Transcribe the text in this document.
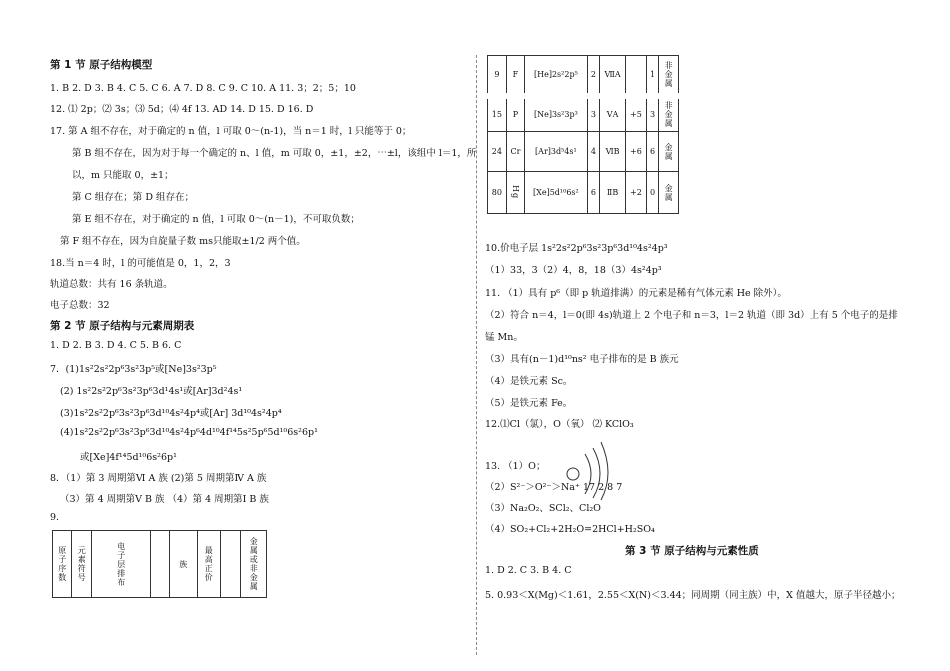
第 1 节 原子结构模型
1. B 2. D 3. B 4. C 5. C 6. A 7. D 8. C 9. C 10. A 11. 3；2；5；10
12. ⑴ 2p；⑵ 3s；⑶ 5d；⑷ 4f 13. AD 14. D 15. D 16. D
17. 第 A 组不存在，对于确定的 n 值，l 可取 0～(n-1)，当 n＝1 时，l 只能等于 0；
第 B 组不存在，因为对于每一个确定的 n、l 值，m 可取 0，±1，±2，⋯±l，该组中 l＝1，所
以，m 只能取 0，±1；
第 C 组存在；第 D 组存在；
第 E 组不存在，对于确定的 n 值，l 可取 0～(n－1)，不可取负数；
第 F 组不存在，因为自旋量子数 ms只能取±1/2 两个值。
18.当 n＝4 时，l 的可能值是 0，1，2，3
轨道总数：共有 16 条轨道。
电子总数：32
第 2 节 原子结构与元素周期表
1. D 2. B 3. D 4. C 5. B 6. C
7．(1)1s²2s²2p⁶3s²3p⁵或[Ne]3s²3p⁵
(2) 1s²2s²2p⁶3s²3p⁶3d¹4s¹或[Ar]3d²4s¹
(3)1s²2s²2p⁶3s²3p⁶3d¹⁰4s²4p⁴或[Ar] 3d¹⁰4s²4p⁴
(4)1s²2s²2p⁶3s²3p⁶3d¹⁰4s²4p⁶4d¹⁰4f¹⁴5s²5p⁶5d¹⁰6s²6p¹
或[Xe]4f¹⁴5d¹⁰6s²6p¹
8．（1）第 3 周期第Ⅵ A 族 (2)第 5 周期第Ⅳ A 族
（3）第 4 周期第Ⅴ B 族 （4）第 4 周期第Ⅰ B 族
9.
原子序数	元素符号	电子层排布		族	最高正价		金属或非金属
9	F	[He]2s²2p⁵	2	ⅦA		1	非金属
15	P	[Ne]3s²3p³	3	ⅤA	+5	3	非金属
24	Cr	[Ar]3d⁵4s¹	4	ⅥB	+6	6	金属
80	Hg	[Xe]5d¹⁰6s²	6	ⅡB	+2	0	金属
10.价电子层 1s²2s²2p⁶3s²3p⁶3d¹⁰4s²4p³
（1）33，3（2）4，8，18（3）4s²4p³
11. （1）具有 p⁶（即 p 轨道排满）的元素是稀有气体元素 He 除外）。
（2）符合 n＝4，l＝0(即 4s)轨道上 2 个电子和 n＝3，l＝2 轨道（即 3d）上有 5 个电子的是排
锰 Mn。
（3）具有(n－1)d¹⁰ns² 电子排布的是 B 族元
（4）是铁元素 Sc。
（5）是铁元素 Fe。
12.⑴Cl（氯），O（氧） ⑵ KClO₃
13. （1）O；
（2）S²⁻＞O²⁻＞Na⁺ 17 2 8 7
（3）Na₂O₂、SCl₂、Cl₂O
（4）SO₂+Cl₂+2H₂O=2HCl+H₂SO₄
第 3 节 原子结构与元素性质
1. D 2. C 3. B 4. C
5. 0.93＜X(Mg)＜1.61，2.55＜X(N)＜3.44；同周期（同主族）中，X 值越大，原子半径越小；
